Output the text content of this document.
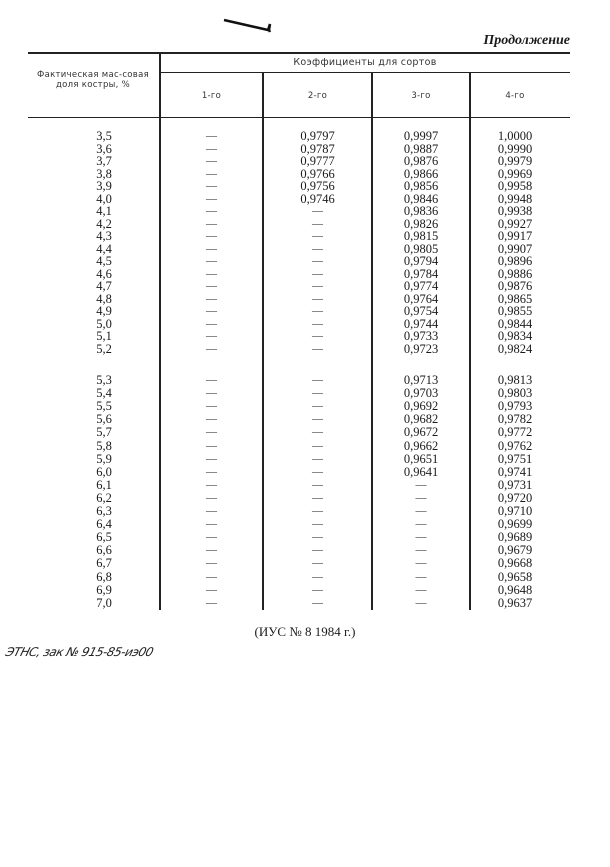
Продолжение
Фактическая мас-совая доля костры, %
Коэффициенты для сортов
1-го	2-го	3-го	4-го
3,5	—	0,9797	0,9997	1,0000
3,6	—	0,9787	0,9887	0,9990
3,7	—	0,9777	0,9876	0,9979
3,8	—	0,9766	0,9866	0,9969
3,9	—	0,9756	0,9856	0,9958
4,0	—	0,9746	0,9846	0,9948
4,1	—	—	0,9836	0,9938
4,2	—	—	0,9826	0,9927
4,3	—	—	0,9815	0,9917
4,4	—	—	0,9805	0,9907
4,5	—	—	0,9794	0,9896
4,6	—	—	0,9784	0,9886
4,7	—	—	0,9774	0,9876
4,8	—	—	0,9764	0,9865
4,9	—	—	0,9754	0,9855
5,0	—	—	0,9744	0,9844
5,1	—	—	0,9733	0,9834
5,2	—	—	0,9723	0,9824
5,3	—	—	0,9713	0,9813
5,4	—	—	0,9703	0,9803
5,5	—	—	0,9692	0,9793
5,6	—	—	0,9682	0,9782
5,7	—	—	0,9672	0,9772
5,8	—	—	0,9662	0,9762
5,9	—	—	0,9651	0,9751
6,0	—	—	0,9641	0,9741
6,1	—	—	—	0,9731
6,2	—	—	—	0,9720
6,3	—	—	—	0,9710
6,4	—	—	—	0,9699
6,5	—	—	—	0,9689
6,6	—	—	—	0,9679
6,7	—	—	—	0,9668
6,8	—	—	—	0,9658
6,9	—	—	—	0,9648
7,0	—	—	—	0,9637
(ИУС № 8 1984 г.)
ЭТНС, зак № 915-85-иэ00
